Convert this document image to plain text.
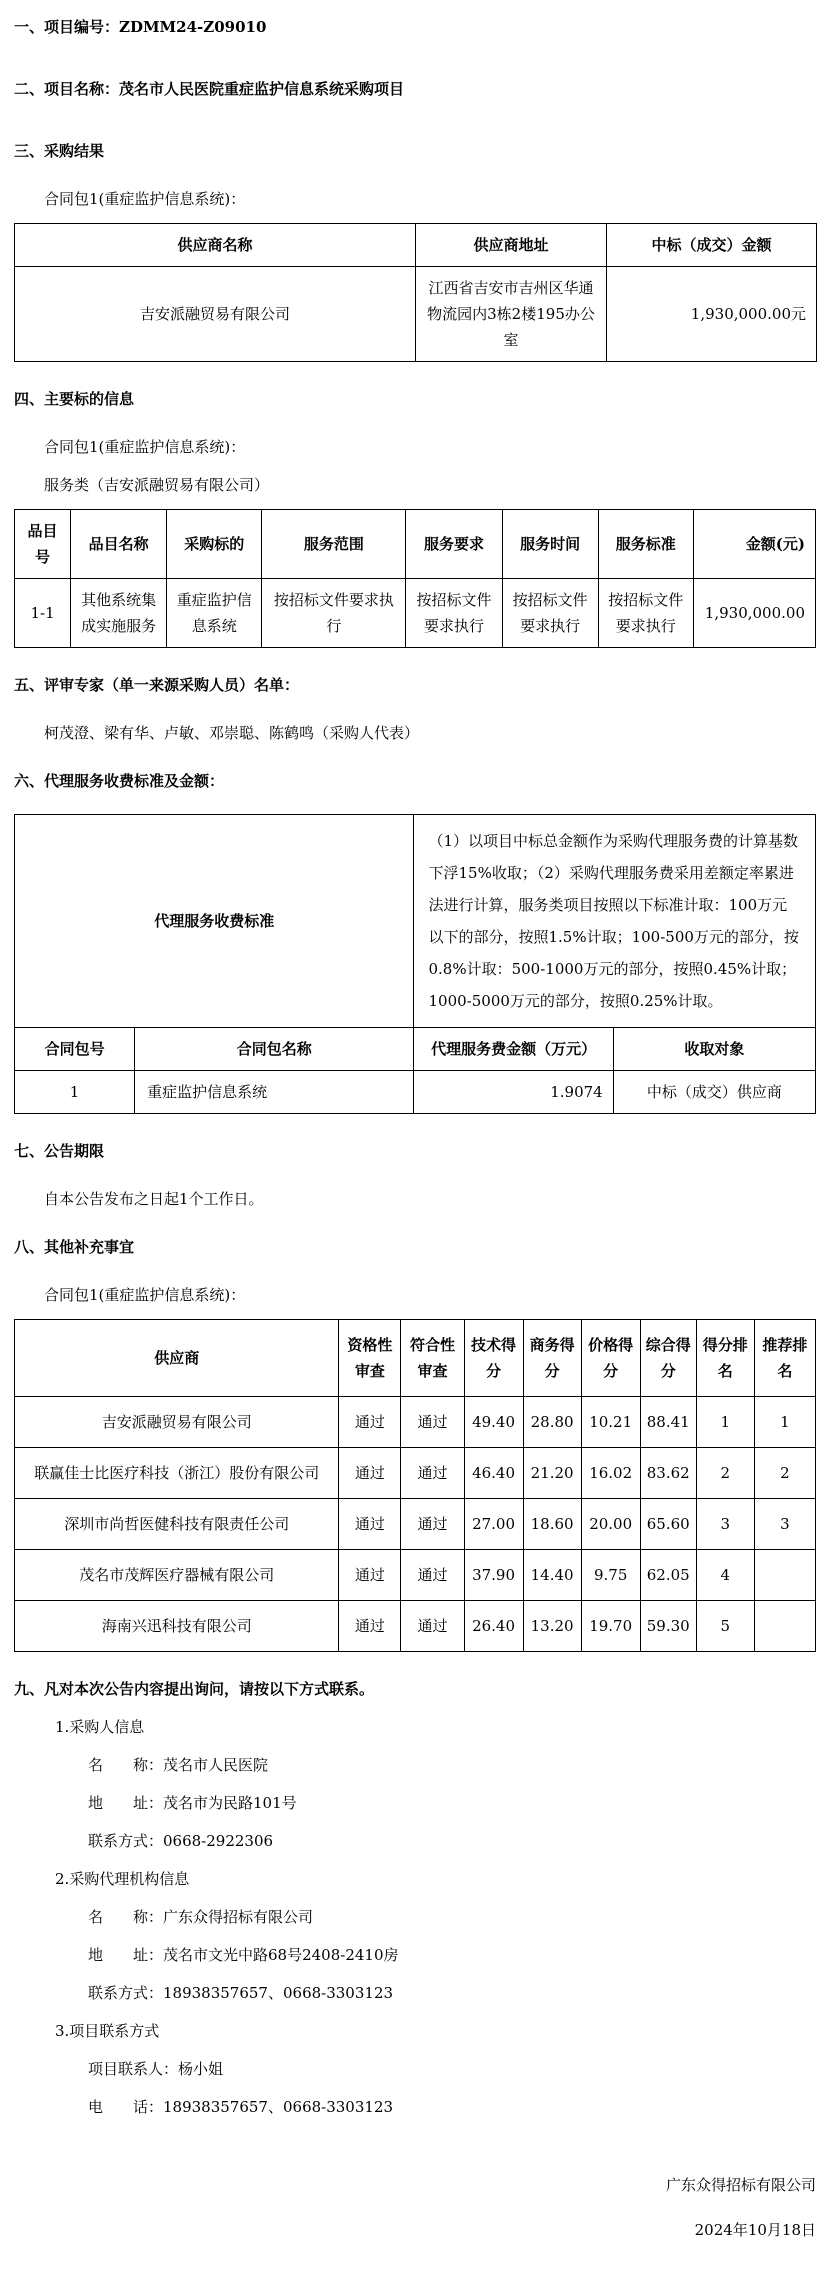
一、项目编号：ZDMM24-Z09010

二、项目名称：茂名市人民医院重症监护信息系统采购项目

三、采购结果

合同包1(重症监护信息系统)：

供应商名称	供应商地址	中标（成交）金额
吉安派融贸易有限公司	江西省吉安市吉州区华通物流园内3栋2楼195办公室	1,930,000.00元

四、主要标的信息

合同包1(重症监护信息系统)：

服务类（吉安派融贸易有限公司）

品目号	品目名称	采购标的	服务范围	服务要求	服务时间	服务标准	金额(元)
1-1	其他系统集成实施服务	重症监护信息系统	按招标文件要求执行	按招标文件要求执行	按招标文件要求执行	按招标文件要求执行	1,930,000.00

五、评审专家（单一来源采购人员）名单：

柯茂澄、梁有华、卢敏、邓崇聪、陈鹤鸣（采购人代表）

六、代理服务收费标准及金额：

代理服务收费标准		（1）以项目中标总金额作为采购代理服务费的计算基数下浮15%收取；（2）采购代理服务费采用差额定率累进法进行计算，服务类项目按照以下标准计取：100万元以下的部分，按照1.5%计取；100-500万元的部分，按0.8%计取：500-1000万元的部分，按照0.45%计取；1000-5000万元的部分，按照0.25%计取。	
合同包号	合同包名称	代理服务费金额（万元）	收取对象
1	重症监护信息系统	1.9074	中标（成交）供应商

七、公告期限

自本公告发布之日起1个工作日。

八、其他补充事宜

合同包1(重症监护信息系统)：

供应商	资格性审查	符合性审查	技术得分	商务得分	价格得分	综合得分	得分排名	推荐排名
吉安派融贸易有限公司	通过	通过	49.40	28.80	10.21	88.41	1	1
联赢佳士比医疗科技（浙江）股份有限公司	通过	通过	46.40	21.20	16.02	83.62	2	2
深圳市尚哲医健科技有限责任公司	通过	通过	27.00	18.60	20.00	65.60	3	3
茂名市茂辉医疗器械有限公司	通过	通过	37.90	14.40	9.75	62.05	4	
海南兴迅科技有限公司	通过	通过	26.40	13.20	19.70	59.30	5	

九、凡对本次公告内容提出询问，请按以下方式联系。

1.采购人信息

名　　称：茂名市人民医院

地　　址：茂名市为民路101号

联系方式：0668-2922306

2.采购代理机构信息

名　　称：广东众得招标有限公司

地　　址：茂名市文光中路68号2408-2410房

联系方式：18938357657、0668-3303123

3.项目联系方式

项目联系人：杨小姐

电　　话：18938357657、0668-3303123

广东众得招标有限公司
2024年10月18日
